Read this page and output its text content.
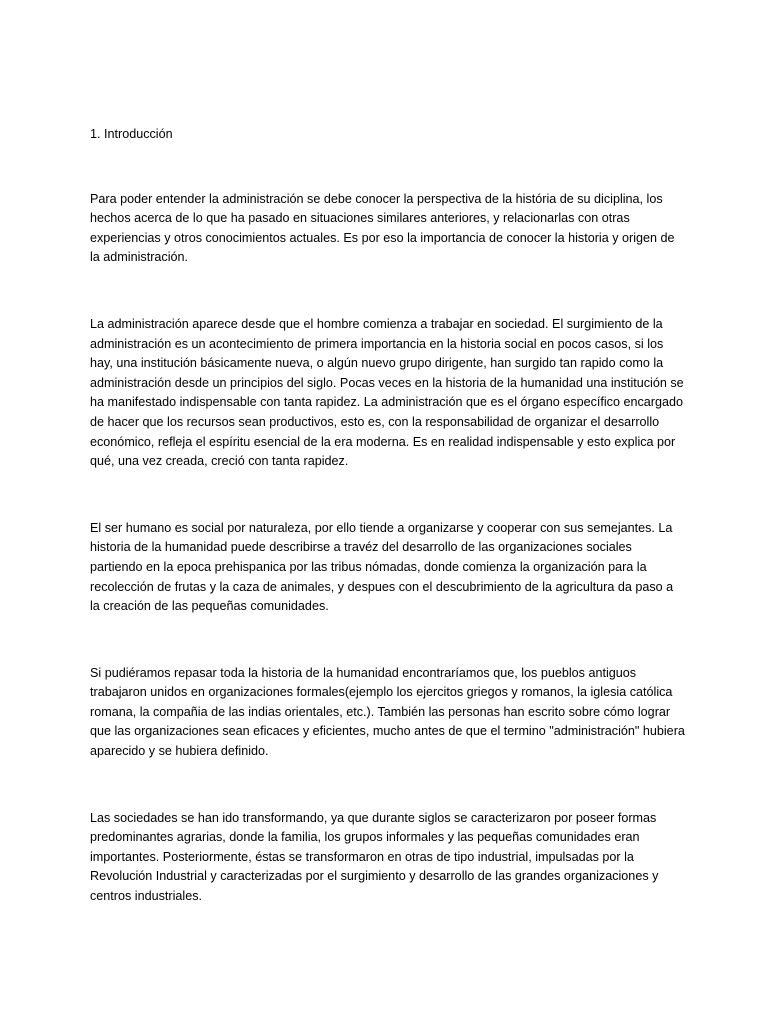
1. Introducción

Para poder entender la administración se debe conocer la perspectiva de la história de su diciplina, los hechos acerca de lo que ha pasado en situaciones similares anteriores, y relacionarlas con otras experiencias y otros conocimientos actuales. Es por eso la importancia de conocer la historia y origen de la administración.

La administración aparece desde que el hombre comienza a trabajar en sociedad. El surgimiento de la administración es un acontecimiento de primera importancia en la historia social en pocos casos, si los hay, una institución básicamente nueva, o algún nuevo grupo dirigente, han surgido tan rapido como la administración desde un principios del siglo. Pocas veces en la historia de la humanidad una institución se ha manifestado indispensable con tanta rapidez. La administración que es el órgano específico encargado de hacer que los recursos sean productivos, esto es, con la responsabilidad de organizar el desarrollo económico, refleja el espíritu esencial de la era moderna. Es en realidad indispensable y esto explica por qué, una vez creada, creció con tanta rapidez.

El ser humano es social por naturaleza, por ello tiende a organizarse y cooperar con sus semejantes. La historia de la humanidad puede describirse a travéz del desarrollo de las organizaciones sociales partiendo en la epoca prehispanica por las tribus nómadas, donde comienza la organización para la recolección de frutas y la caza de animales, y despues con el descubrimiento de la agricultura da paso a la creación de las pequeñas comunidades.

Si pudiéramos repasar toda la historia de la humanidad encontraríamos que, los pueblos antiguos trabajaron unidos en organizaciones formales(ejemplo los ejercitos griegos y romanos, la iglesia católica romana, la compañia de las indias orientales, etc.). También las personas han escrito sobre cómo lograr que las organizaciones sean eficaces y eficientes, mucho antes de que el termino "administración" hubiera aparecido y se hubiera definido.

Las sociedades se han ido transformando, ya que durante siglos se caracterizaron por poseer formas predominantes agrarias, donde la familia, los grupos informales y las pequeñas comunidades eran importantes. Posteriormente, éstas se transformaron en otras de tipo industrial, impulsadas por la Revolución Industrial y caracterizadas por el surgimiento y desarrollo de las grandes organizaciones y centros industriales.
